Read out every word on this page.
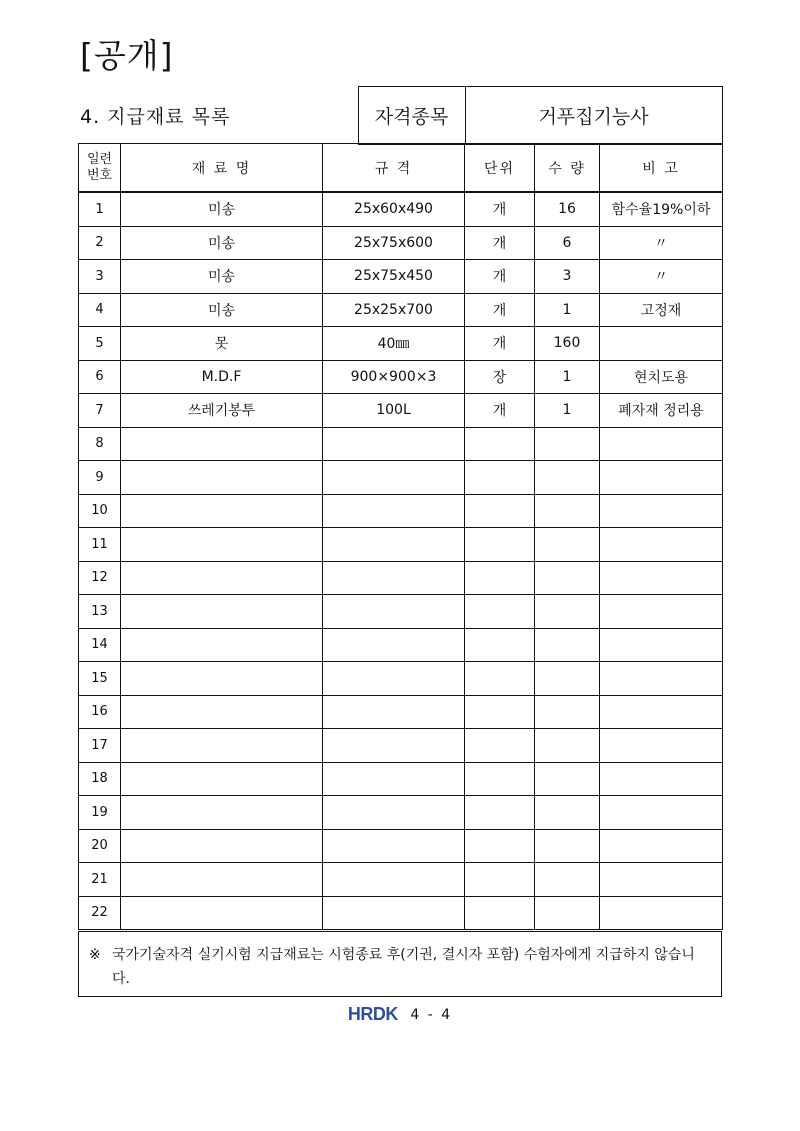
[공개]
4. 지급재료 목록	자격종목	거푸집기능사
일련
번호	재 료 명	규 격	단위	수 량	비 고
1	미송	25x60x490	개	16	함수율19%이하
2	미송	25x75x600	개	6	〃
3	미송	25x75x450	개	3	〃
4	미송	25x25x700	개	1	고정재
5	못	40㎜	개	160	
6	M.D.F	900×900×3	장	1	현치도용
7	쓰레기봉투	100L	개	1	폐자재 정리용
8					
9					
10					
11					
12					
13					
14					
15					
16					
17					
18					
19					
20					
21					
22					
※ 국가기술자격 실기시험 지급재료는 시험종료 후(기권, 결시자 포함) 수험자에게 지급하지 않습니다.
HRDK 4 - 4
